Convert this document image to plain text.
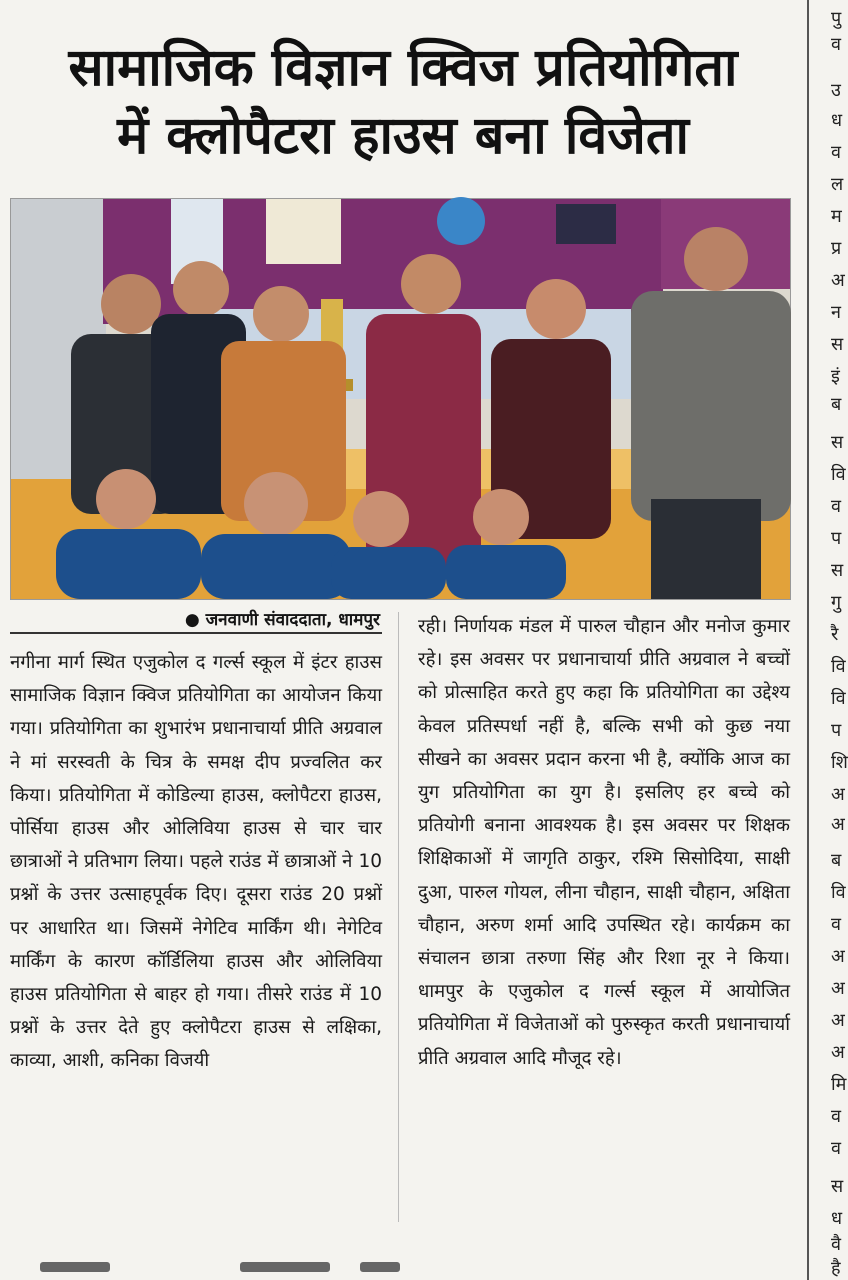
सामाजिक विज्ञान क्विज प्रतियोगिता
में क्लोपैटरा हाउस बना विजेता
● जनवाणी संवाददाता, धामपुर
नगीना मार्ग स्थित एजुकोल द गर्ल्स स्कूल में इंटर हाउस सामाजिक विज्ञान क्विज प्रतियोगिता का आयोजन किया गया। प्रतियोगिता का शुभारंभ प्रधानाचार्या प्रीति अग्रवाल ने मां सरस्वती के चित्र के समक्ष दीप प्रज्वलित कर किया। प्रतियोगिता में कोडिल्या हाउस, क्लोपैटरा हाउस, पोर्सिया हाउस और ओलिविया हाउस से चार चार छात्राओं ने प्रतिभाग लिया। पहले राउंड में छात्राओं ने 10 प्रश्नों के उत्तर उत्साहपूर्वक दिए। दूसरा राउंड 20 प्रश्नों पर आधारित था। जिसमें नेगेटिव मार्किंग थी। नेगेटिव मार्किंग के कारण कॉर्डिलिया हाउस और ओलिविया हाउस प्रतियोगिता से बाहर हो गया। तीसरे राउंड में 10 प्रश्नों के उत्तर देते हुए क्लोपैटरा हाउस से लक्षिका, काव्या, आशी, कनिका विजयी
रही। निर्णायक मंडल में पारुल चौहान और मनोज कुमार रहे। इस अवसर पर प्रधानाचार्या प्रीति अग्रवाल ने बच्चों को प्रोत्साहित करते हुए कहा कि प्रतियोगिता का उद्देश्य केवल प्रतिस्पर्धा नहीं है, बल्कि सभी को कुछ नया सीखने का अवसर प्रदान करना भी है, क्योंकि आज का युग प्रतियोगिता का युग है। इसलिए हर बच्चे को प्रतियोगी बनाना आवश्यक है। इस अवसर पर शिक्षक शिक्षिकाओं में जागृति ठाकुर, रश्मि सिसोदिया, साक्षी दुआ, पारुल गोयल, लीना चौहान, साक्षी चौहान, अक्षिता चौहान, अरुण शर्मा आदि उपस्थित रहे। कार्यक्रम का संचालन छात्रा तरुणा सिंह और रिशा नूर ने किया। धामपुर के एजुकोल द गर्ल्स स्कूल में आयोजित प्रतियोगिता में विजेताओं को पुरुस्कृत करती प्रधानाचार्या प्रीति अग्रवाल आदि मौजूद रहे।
पु
व
उ
ध
व
ल
म
प्र
अ
न
स
इं
ब
स
वि
व
प
स
गु
रै
वि
वि
प
शि
अ
अ
ब
वि
व
अ
अ
अ
अ
मि
व
व
स
ध
वै
है
